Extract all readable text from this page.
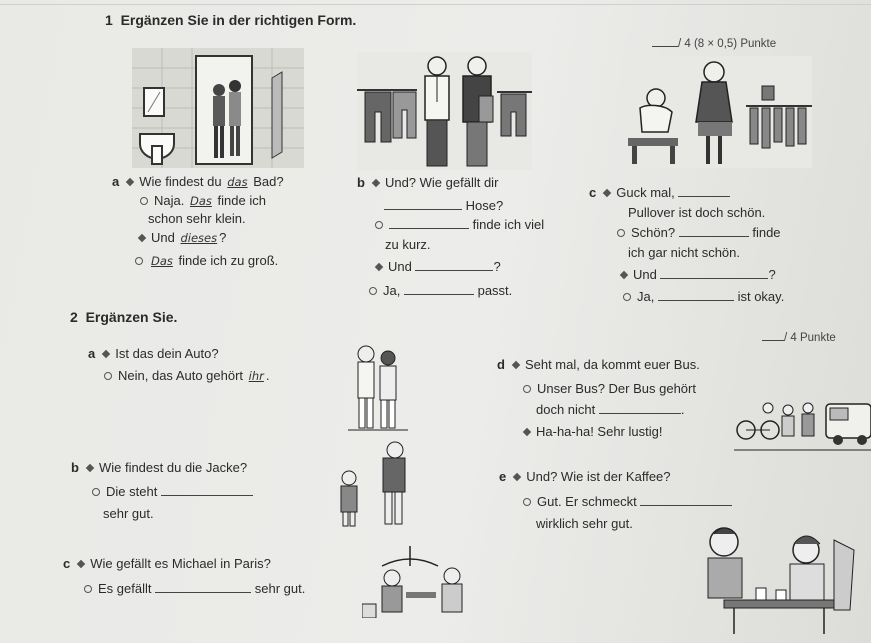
1 Ergänzen Sie in der richtigen Form.
/ 4 (8 × 0,5) Punkte
a Wie findest du das Bad?
Naja. Das finde ich
schon sehr klein.
Und dieses ?
Das finde ich zu groß.
b Und? Wie gefällt dir
Hose?
finde ich viel
zu kurz.
Und	?
Ja,	passt.
c Guck mal,
Pullover ist doch schön.
Schön?	finde
ich gar nicht schön.
Und	?
Ja,	ist okay.
2 Ergänzen Sie.
/ 4 Punkte
a Ist das dein Auto?
Nein, das Auto gehört ihr .
b Wie findest du die Jacke?
Die steht
sehr gut.
c Wie gefällt es Michael in Paris?
Es gefällt	sehr gut.
d Seht mal, da kommt euer Bus.
Unser Bus? Der Bus gehört
doch nicht	.
Ha-ha-ha! Sehr lustig!
e Und? Wie ist der Kaffee?
Gut. Er schmeckt
wirklich sehr gut.
